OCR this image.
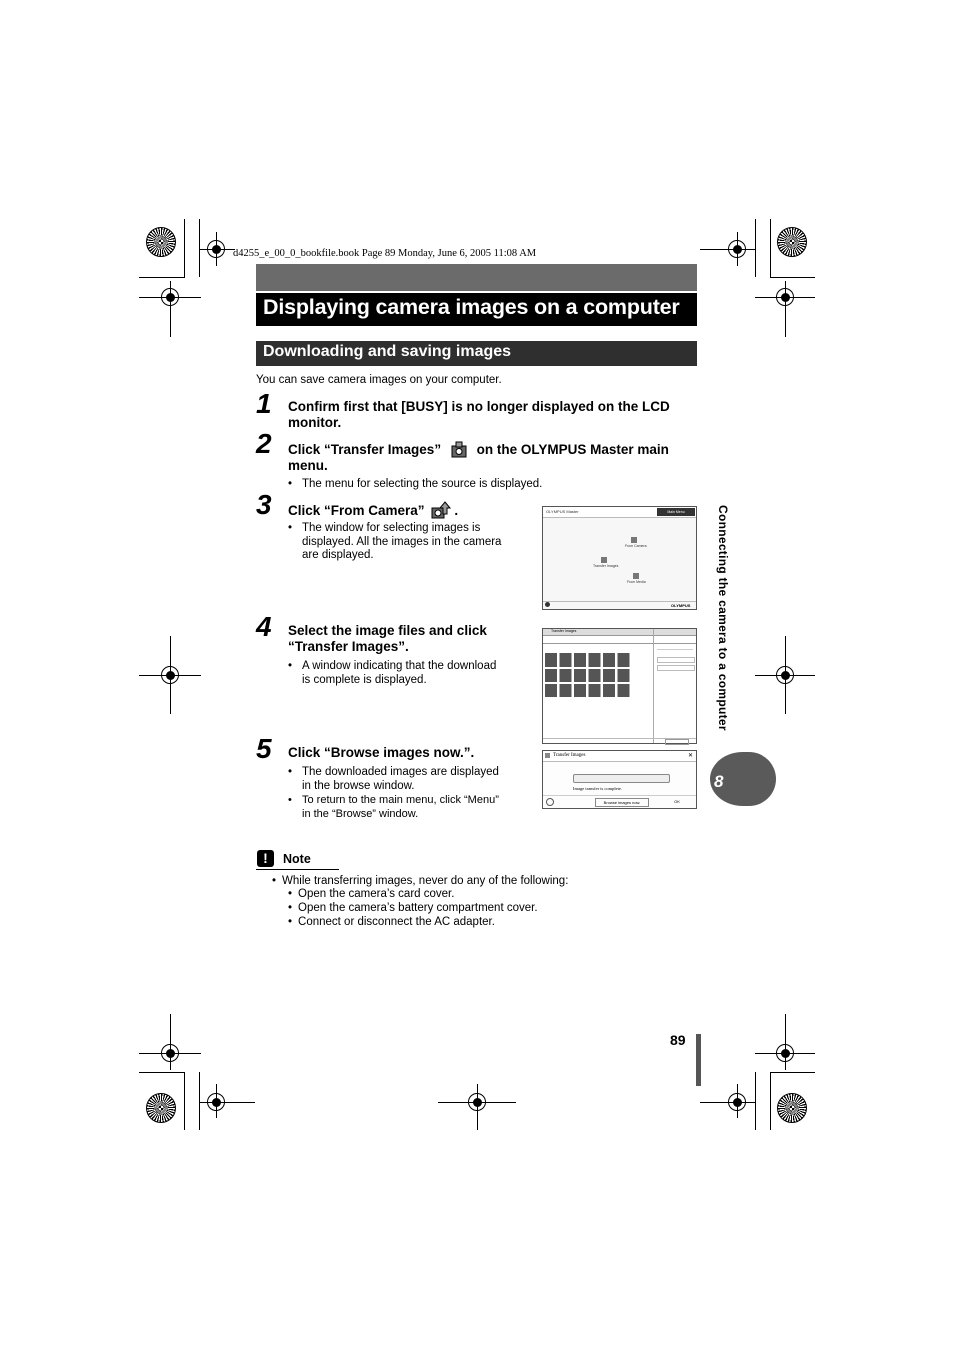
d4255_e_00_0_bookfile.book Page 89 Monday, June 6, 2005 11:08 AM
Displaying camera images on a computer
Downloading and saving images
You can save camera images on your computer.
1 Confirm first that [BUSY] is no longer displayed on the LCD
monitor.
2 Click “Transfer Images”	on the OLYMPUS Master main
menu.
• The menu for selecting the source is displayed.
3 Click “From Camera” .
• The window for selecting images is
displayed. All the images in the camera
are displayed.
OLYMPUS Master	Main Menu
From Camera
Transfer Images
From Media
OLYMPUS
4 Select the image files and click
“Transfer Images”.
• A window indicating that the download
is complete is displayed.
Transfer Images
5 Click “Browse images now.”.
• The downloaded images are displayed
in the browse window.
• To return to the main menu, click “Menu”
in the “Browse” window.
Transfer Images	✕
Image transfer is complete.
Browse images now.	OK
Connecting the camera to a computer
8
!	Note
• While transferring images, never do any of the following:
• Open the camera’s card cover.
• Open the camera’s battery compartment cover.
• Connect or disconnect the AC adapter.
89
